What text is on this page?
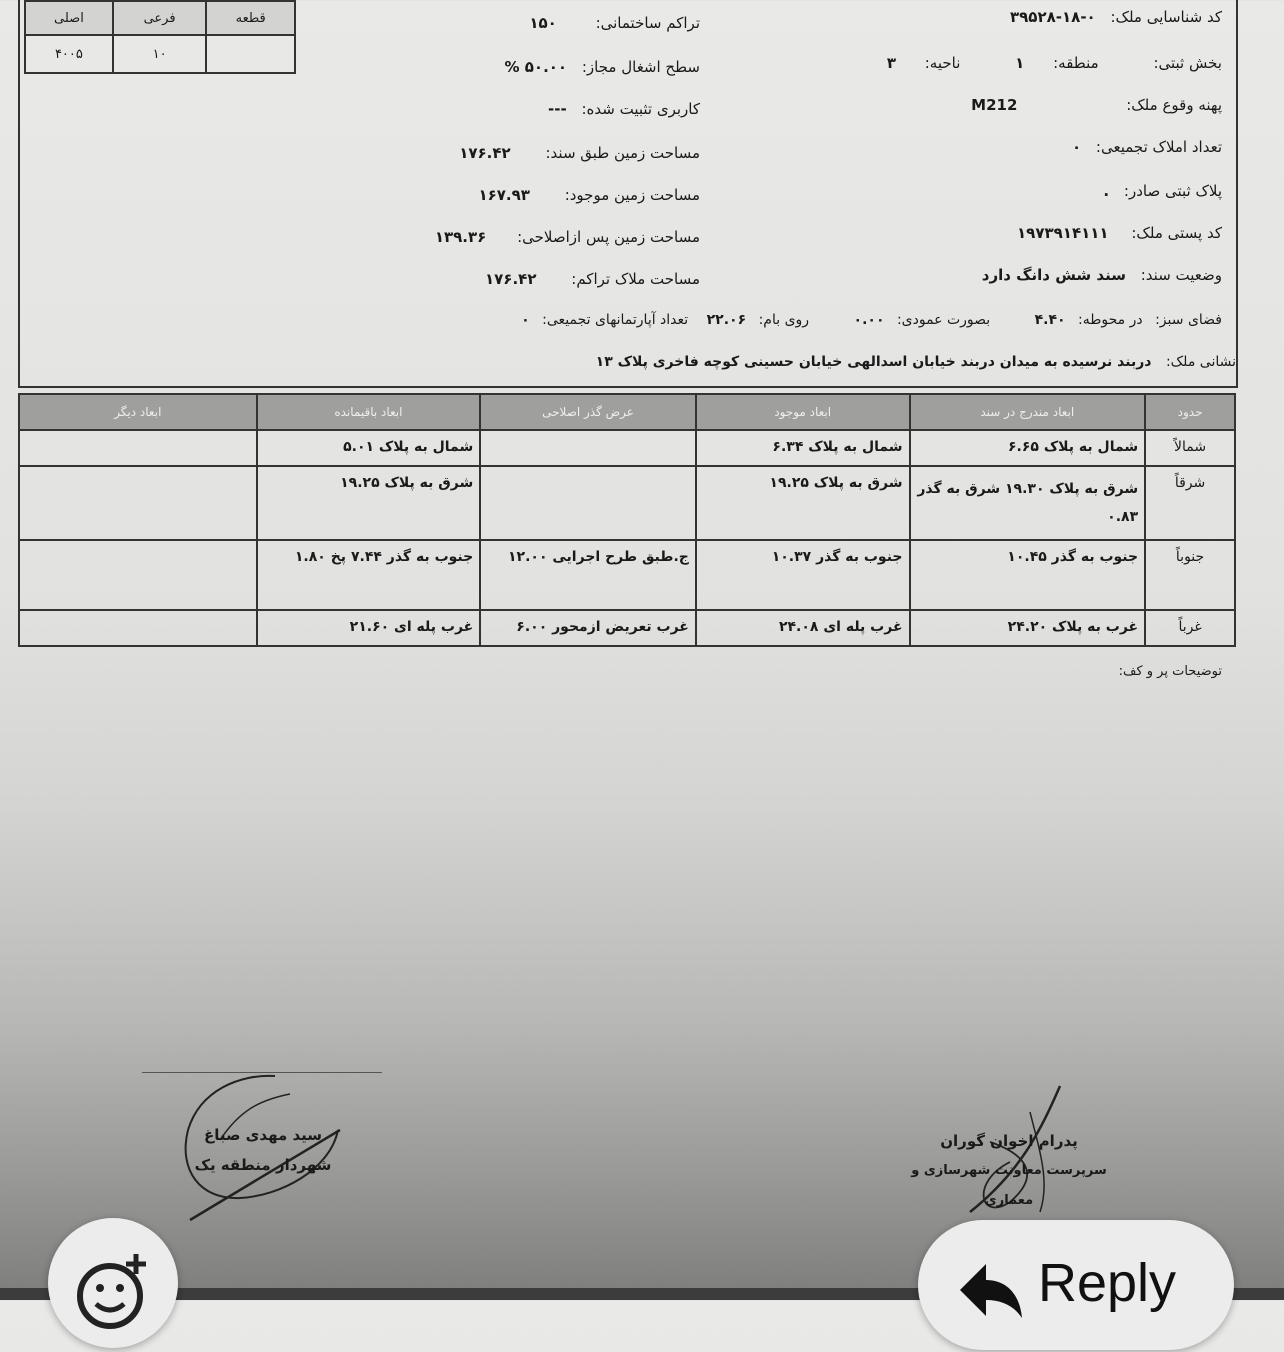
قطعه	فرعی	اصلی
	۱۰	۴۰۰۵
کد شناسایی ملک: ۰-۱۸-۳۹۵۲۸
بخش ثبتی: منطقه: ۱ ناحیه: ۳
پهنه وقوع ملک: M212
تعداد املاک تجمیعی: ۰
پلاک ثبتی صادر: .
کد پستی ملک: ۱۹۷۳۹۱۴۱۱۱
وضعیت سند: سند شش دانگ دارد
تراکم ساختمانی: ۱۵۰
سطح اشغال مجاز: ۵۰.۰۰ %
کاربری تثبیت شده: ---
مساحت زمین طبق سند: ۱۷۶.۴۲
مساحت زمین موجود: ۱۶۷.۹۳
مساحت زمین پس ازاصلاحی: ۱۳۹.۳۶
مساحت ملاک تراکم: ۱۷۶.۴۲
فضای سبز: در محوطه: ۴.۴۰ بصورت عمودی: ۰.۰۰ روی بام: ۲۲.۰۶ تعداد آپارتمانهای تجمیعی: ۰
نشانی ملک: دربند نرسیده به میدان دربند خیابان اسدالهی خیابان حسینی کوچه فاخری پلاک ۱۳
حدود	ابعاد مندرج در سند	ابعاد موجود	عرض گذر اصلاحی	ابعاد باقیمانده	ابعاد دیگر
شمالاً	شمال به پلاک ۶.۶۵	شمال به پلاک ۶.۳۴		شمال به پلاک ۵.۰۱	
شرقاً	شرق به پلاک ۱۹.۳۰ شرق به گذر ۰.۸۳	شرق به پلاک ۱۹.۲۵		شرق به پلاک ۱۹.۲۵	
جنوباً	جنوب به گذر ۱۰.۴۵	جنوب به گذر ۱۰.۳۷	ج.طبق طرح اجرایی ۱۲.۰۰	جنوب به گذر ۷.۴۴ پخ ۱.۸۰	
غرباً	غرب به پلاک ۲۴.۲۰	غرب پله ای ۲۴.۰۸	غرب تعریض ازمحور ۶.۰۰	غرب پله ای ۲۱.۶۰	
توضیحات پر و کف:
سید مهدی صباغ
شهردار منطقه یک
پدرام اخوان گوران
سرپرست معاونت شهرسازی و معماری
Reply
